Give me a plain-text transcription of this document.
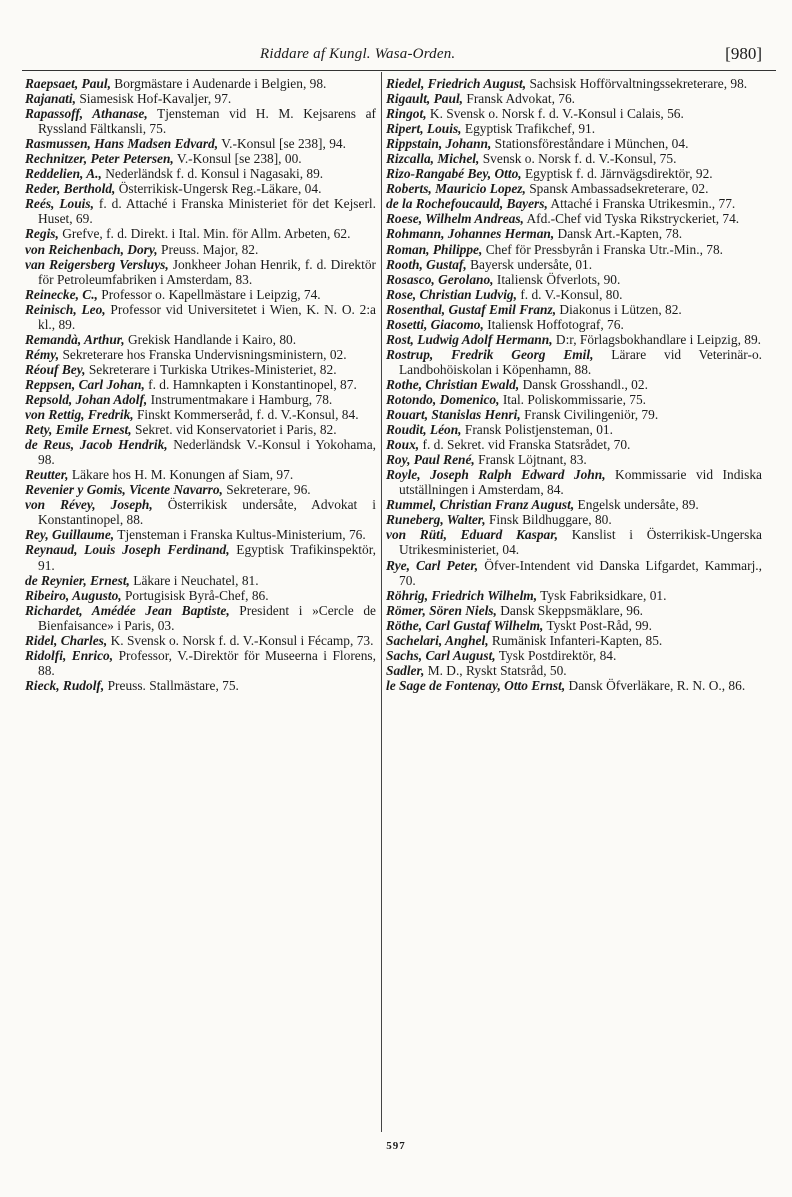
Riddare af Kungl. Wasa-Orden.	[980]
Raepsaet, Paul, Borgmästare i Audenarde i Belgien, 98.
Rajanati, Siamesisk Hof-Kavaljer, 97.
Rapassoff, Athanase, Tjensteman vid H. M. Kejsarens af Ryssland Fältkansli, 75.
Rasmussen, Hans Madsen Edvard, V.-Konsul [se 238], 94.
Rechnitzer, Peter Petersen, V.-Konsul [se 238], 00.
Reddelien, A., Nederländsk f. d. Konsul i Nagasaki, 89.
Reder, Berthold, Österrikisk-Ungersk Reg.-Läkare, 04.
Reés, Louis, f. d. Attaché i Franska Ministeriet för det Kejserl. Huset, 69.
Regis, Grefve, f. d. Direkt. i Ital. Min. för Allm. Arbeten, 62.
von Reichenbach, Dory, Preuss. Major, 82.
van Reigersberg Versluys, Jonkheer Johan Henrik, f. d. Direktör för Petroleumfabriken i Amsterdam, 83.
Reinecke, C., Professor o. Kapellmästare i Leipzig, 74.
Reinisch, Leo, Professor vid Universitetet i Wien, K. N. O. 2:a kl., 89.
Remandà, Arthur, Grekisk Handlande i Kairo, 80.
Rémy, Sekreterare hos Franska Undervisningsministern, 02.
Réouf Bey, Sekreterare i Turkiska Utrikes-Ministeriet, 82.
Reppsen, Carl Johan, f. d. Hamnkapten i Konstantinopel, 87.
Repsold, Johan Adolf, Instrumentmakare i Hamburg, 78.
von Rettig, Fredrik, Finskt Kommerseråd, f. d. V.-Konsul, 84.
Rety, Emile Ernest, Sekret. vid Konservatoriet i Paris, 82.
de Reus, Jacob Hendrik, Nederländsk V.-Konsul i Yokohama, 98.
Reutter, Läkare hos H. M. Konungen af Siam, 97.
Revenier y Gomis, Vicente Navarro, Sekreterare, 96.
von Révey, Joseph, Österrikisk undersåte, Advokat i Konstantinopel, 88.
Rey, Guillaume, Tjensteman i Franska Kultus-Ministerium, 76.
Reynaud, Louis Joseph Ferdinand, Egyptisk Trafikinspektör, 91.
de Reynier, Ernest, Läkare i Neuchatel, 81.
Ribeiro, Augusto, Portugisisk Byrå-Chef, 86.
Richardet, Amédée Jean Baptiste, President i »Cercle de Bienfaisance» i Paris, 03.
Ridel, Charles, K. Svensk o. Norsk f. d. V.-Konsul i Fécamp, 73.
Ridolfi, Enrico, Professor, V.-Direktör för Museerna i Florens, 88.
Rieck, Rudolf, Preuss. Stallmästare, 75.
Riedel, Friedrich August, Sachsisk Hofförvaltningssekreterare, 98.
Rigault, Paul, Fransk Advokat, 76.
Ringot, K. Svensk o. Norsk f. d. V.-Konsul i Calais, 56.
Ripert, Louis, Egyptisk Trafikchef, 91.
Rippstain, Johann, Stationsföreståndare i München, 04.
Rizcalla, Michel, Svensk o. Norsk f. d. V.-Konsul, 75.
Rizo-Rangabé Bey, Otto, Egyptisk f. d. Järnvägsdirektör, 92.
Roberts, Mauricio Lopez, Spansk Ambassadsekreterare, 02.
de la Rochefoucauld, Bayers, Attaché i Franska Utrikesmin., 77.
Roese, Wilhelm Andreas, Afd.-Chef vid Tyska Rikstryckeriet, 74.
Rohmann, Johannes Herman, Dansk Art.-Kapten, 78.
Roman, Philippe, Chef för Pressbyrån i Franska Utr.-Min., 78.
Rooth, Gustaf, Bayersk undersåte, 01.
Rosasco, Gerolano, Italiensk Öfverlots, 90.
Rose, Christian Ludvig, f. d. V.-Konsul, 80.
Rosenthal, Gustaf Emil Franz, Diakonus i Lützen, 82.
Rosetti, Giacomo, Italiensk Hoffotograf, 76.
Rost, Ludwig Adolf Hermann, D:r, Förlagsbokhandlare i Leipzig, 89.
Rostrup, Fredrik Georg Emil, Lärare vid Veterinär-o. Landbohöiskolan i Köpenhamn, 88.
Rothe, Christian Ewald, Dansk Grosshandl., 02.
Rotondo, Domenico, Ital. Poliskommissarie, 75.
Rouart, Stanislas Henri, Fransk Civilingeniör, 79.
Roudit, Léon, Fransk Polistjensteman, 01.
Roux, f. d. Sekret. vid Franska Statsrådet, 70.
Roy, Paul René, Fransk Löjtnant, 83.
Royle, Joseph Ralph Edward John, Kommissarie vid Indiska utställningen i Amsterdam, 84.
Rummel, Christian Franz August, Engelsk undersåte, 89.
Runeberg, Walter, Finsk Bildhuggare, 80.
von Rüti, Eduard Kaspar, Kanslist i Österrikisk-Ungerska Utrikesministeriet, 04.
Rye, Carl Peter, Öfver-Intendent vid Danska Lifgardet, Kammarj., 70.
Röhrig, Friedrich Wilhelm, Tysk Fabriksidkare, 01.
Römer, Sören Niels, Dansk Skeppsmäklare, 96.
Röthe, Carl Gustaf Wilhelm, Tyskt Post-Råd, 99.
Sachelari, Anghel, Rumänisk Infanteri-Kapten, 85.
Sachs, Carl August, Tysk Postdirektör, 84.
Sadler, M. D., Ryskt Statsråd, 50.
le Sage de Fontenay, Otto Ernst, Dansk Öfverläkare, R. N. O., 86.
597
